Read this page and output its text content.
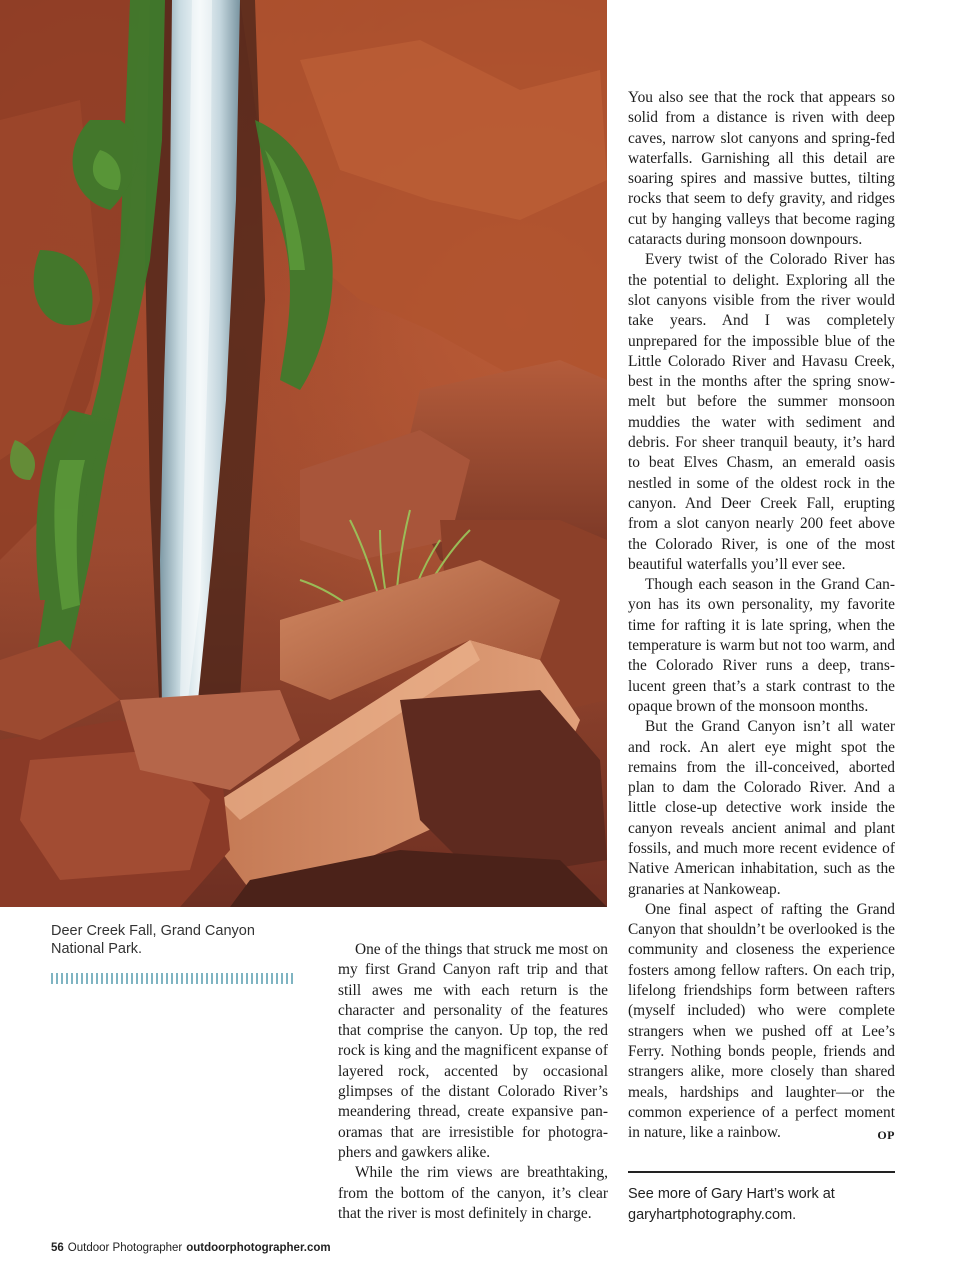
Deer Creek Fall, Grand Canyon National Park.	One of the things that struck me most on my first Grand Canyon raft trip and that still awes me with each return is the character and personality of the features that comprise the canyon. Up top, the red rock is king and the magnificent expanse of layered rock, accented by occasional glimpses of the distant Colorado River’s meandering thread, create expansive panoramas that are irresistible for photographers and gawkers alike.

While the rim views are breathtaking, from the bottom of the canyon, it’s clear that the river is most definitely in charge.

You also see that the rock that appears so solid from a distance is riven with deep caves, narrow slot canyons and spring-fed waterfalls. Garnishing all this detail are soaring spires and massive buttes, tilting rocks that seem to defy gravity, and ridges cut by hanging valleys that become raging cataracts during monsoon downpours.

Every twist of the Colorado River has the potential to delight. Exploring all the slot canyons visible from the river would take years. And I was completely unprepared for the impossible blue of the Little Colorado River and Havasu Creek, best in the months after the spring snowmelt but before the summer monsoon muddies the water with sediment and debris. For sheer tranquil beauty, it’s hard to beat Elves Chasm, an emerald oasis nestled in some of the oldest rock in the canyon. And Deer Creek Fall, erupting from a slot canyon nearly 200 feet above the Colorado River, is one of the most beautiful waterfalls you’ll ever see.

Though each season in the Grand Canyon has its own personality, my favorite time for rafting it is late spring, when the temperature is warm but not too warm, and the Colorado River runs a deep, translucent green that’s a stark contrast to the opaque brown of the monsoon months.

But the Grand Canyon isn’t all water and rock. An alert eye might spot the remains from the ill-conceived, aborted plan to dam the Colorado River. And a little close-up detective work inside the canyon reveals ancient animal and plant fossils, and much more recent evidence of Native American inhabitation, such as the granaries at Nankoweap.

One final aspect of rafting the Grand Canyon that shouldn’t be overlooked is the community and closeness the experience fosters among fellow rafters. On each trip, lifelong friendships form between rafters (myself included) who were complete strangers when we pushed off at Lee’s Ferry. Nothing bonds people, friends and strangers alike, more closely than shared meals, hardships and laughter—or the common experience of a perfect moment in nature, like a rainbow.	OP

See more of Gary Hart’s work at garyhartphotography.com.
56 Outdoor Photographer outdoorphotographer.com
